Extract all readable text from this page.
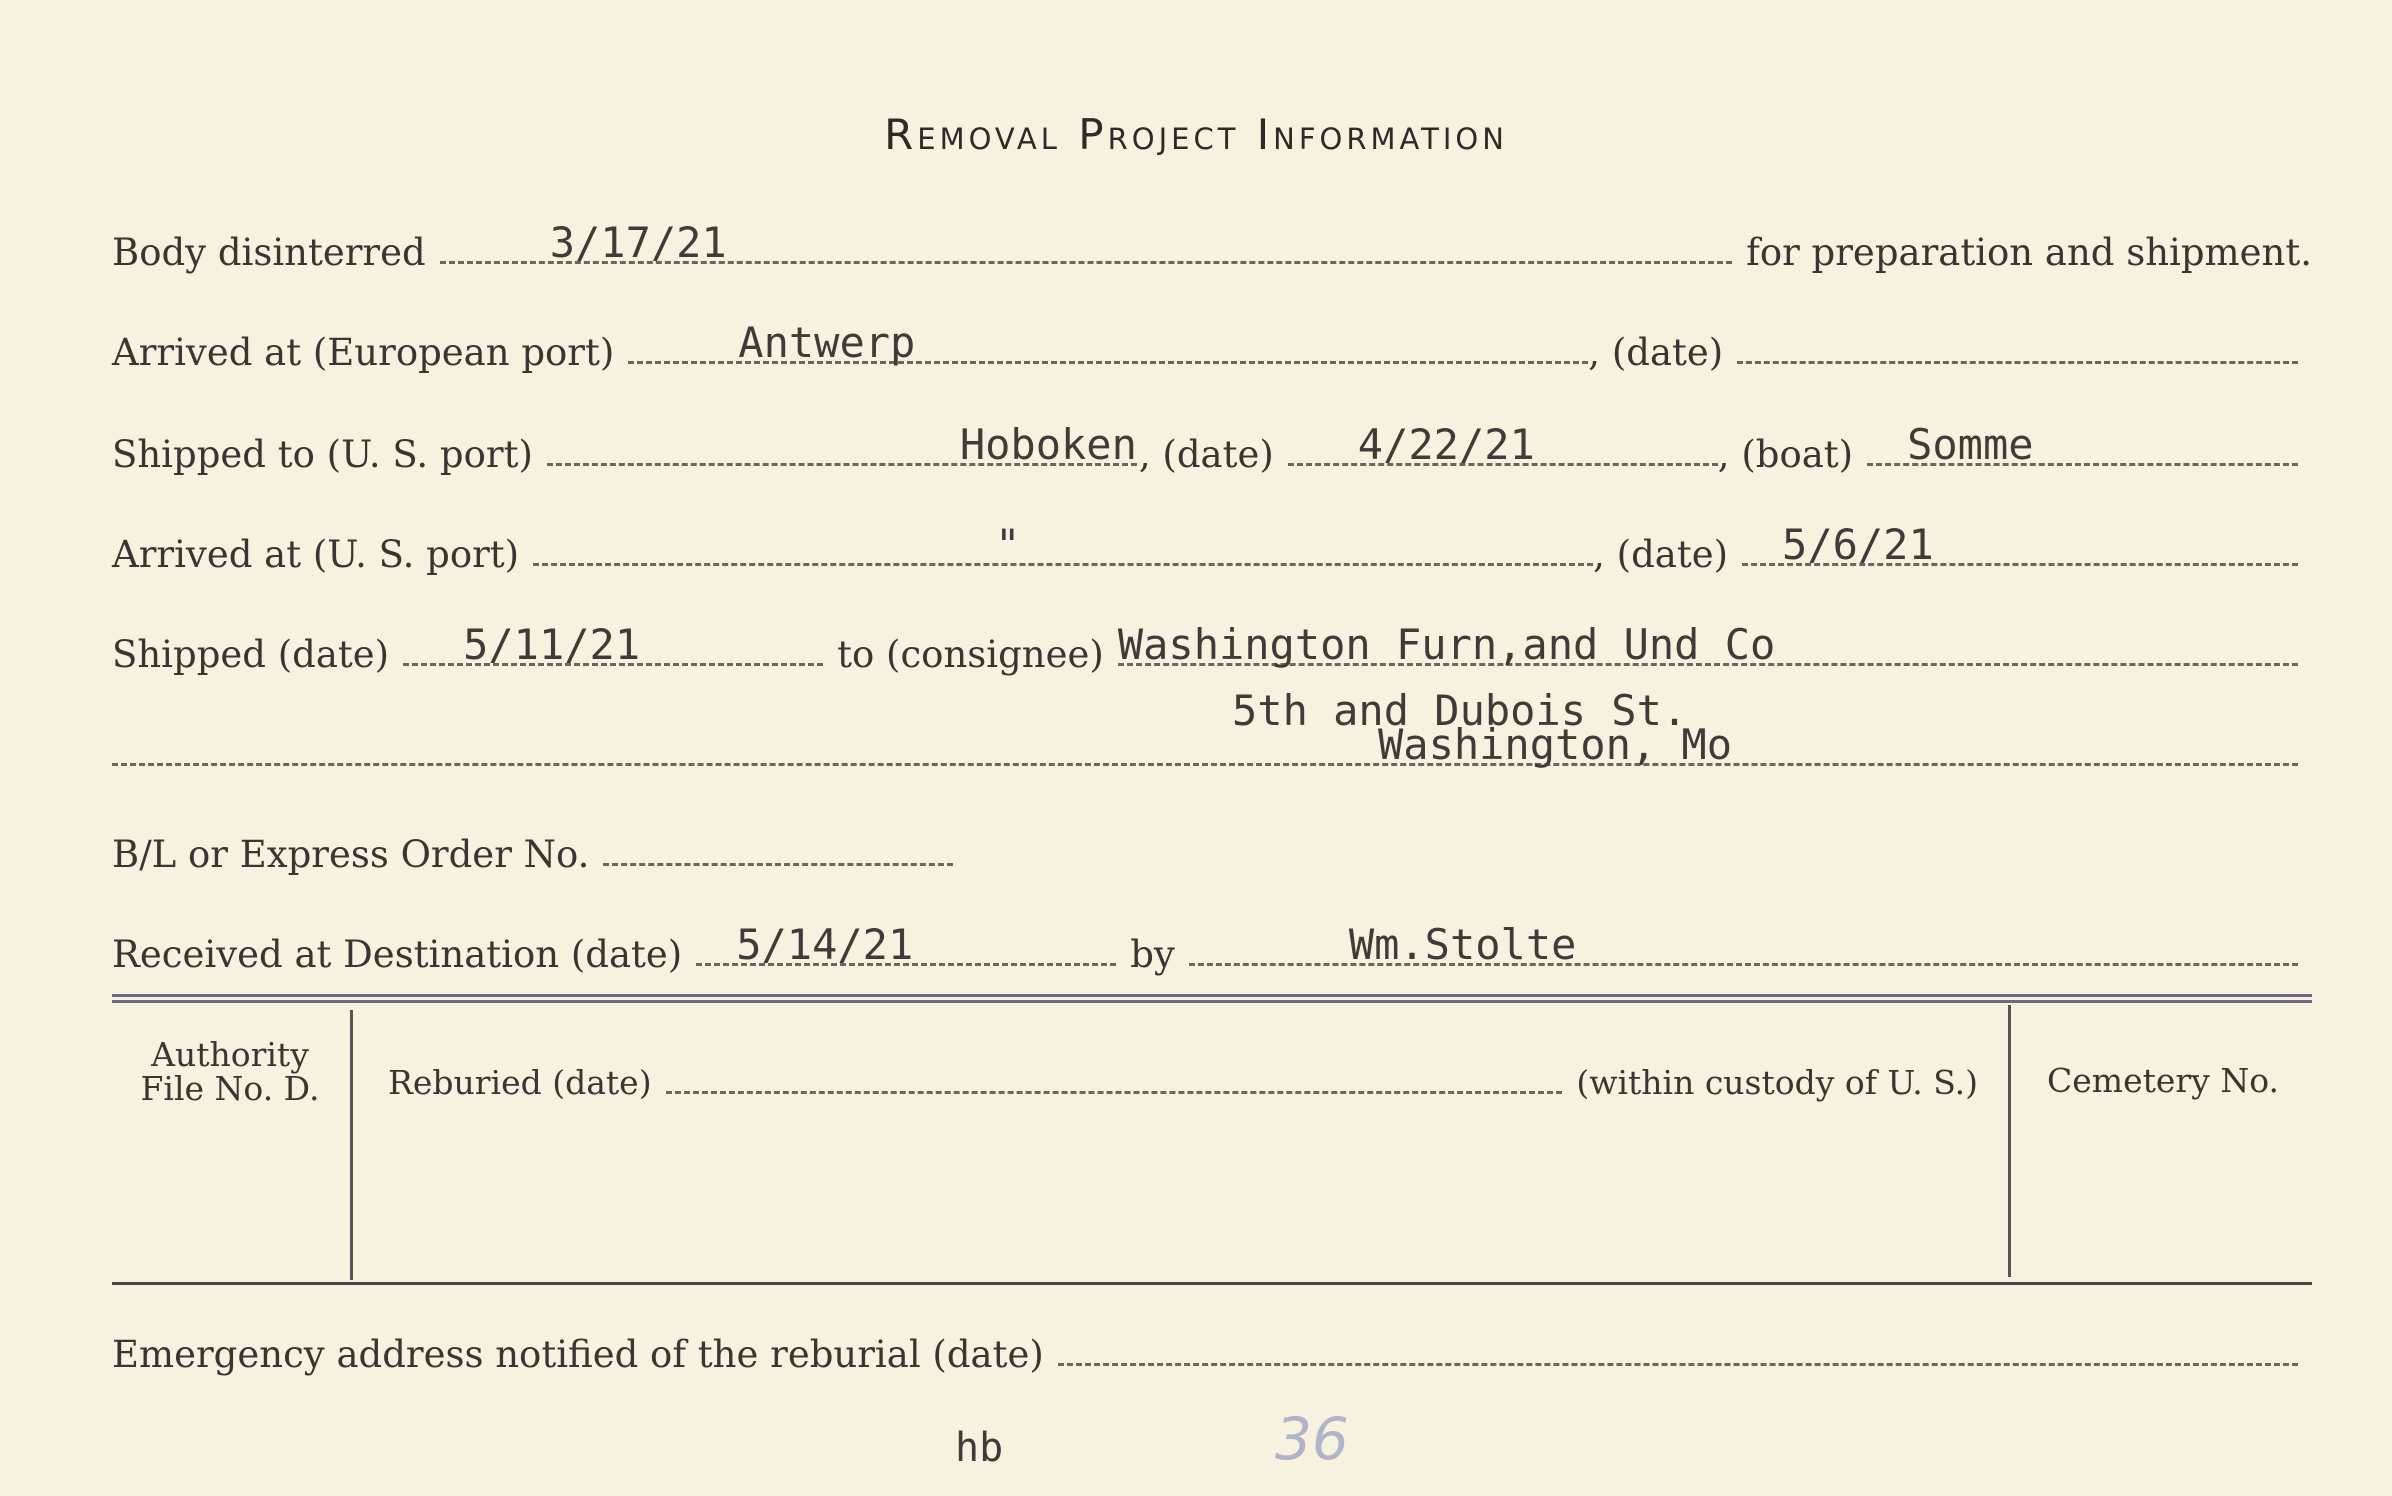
Removal Project Information
Body disinterred	3/17/21	for preparation and shipment.
Arrived at (European port)	Antwerp	, (date)
Shipped to (U. S. port)	Hoboken , (date) 4/22/21	, (boat) Somme
Arrived at (U. S. port)	"	, (date) 5/6/21
Shipped (date) 5/11/21	to (consignee) Washington Furn,and Und Co
5th and Dubois St.
Washington, Mo
B/L or Express Order No.
Received at Destination (date) 5/14/21	by	Wm.Stolte
Authority
File No. D.	Reburied (date)	(within custody of U. S.)	Cemetery No.
Emergency address notified of the reburial (date)
hb	36
